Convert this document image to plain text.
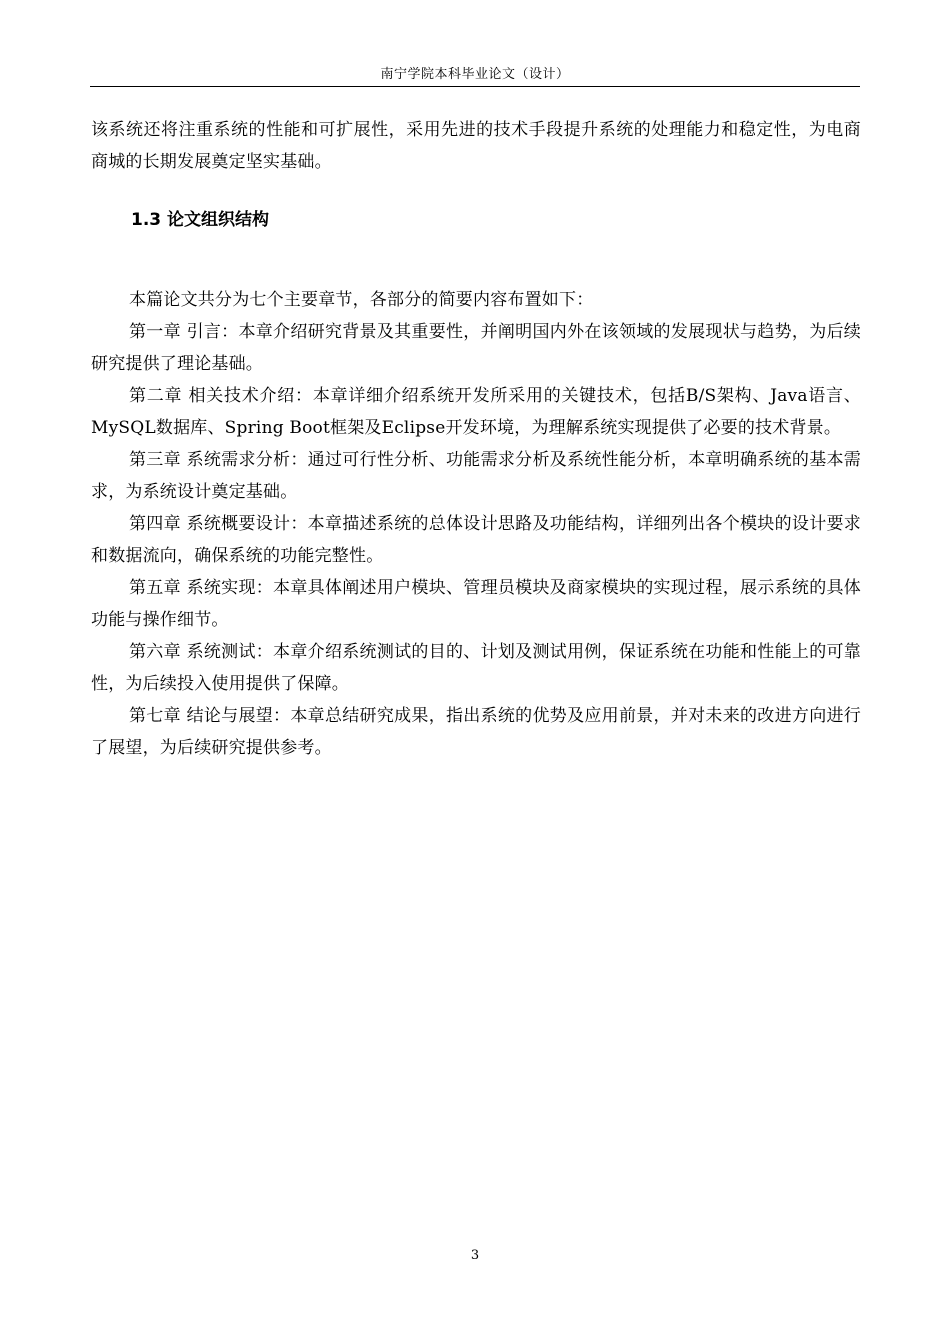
南宁学院本科毕业论文（设计）

该系统还将注重系统的性能和可扩展性，采用先进的技术手段提升系统的处理能力和稳定性，为电商商城的长期发展奠定坚实基础。

1.3 论文组织结构

本篇论文共分为七个主要章节，各部分的简要内容布置如下：

第一章 引言：本章介绍研究背景及其重要性，并阐明国内外在该领域的发展现状与趋势，为后续研究提供了理论基础。

第二章 相关技术介绍：本章详细介绍系统开发所采用的关键技术，包括B/S架构、Java语言、MySQL数据库、Spring Boot框架及Eclipse开发环境，为理解系统实现提供了必要的技术背景。

第三章 系统需求分析：通过可行性分析、功能需求分析及系统性能分析，本章明确系统的基本需求，为系统设计奠定基础。

第四章 系统概要设计：本章描述系统的总体设计思路及功能结构，详细列出各个模块的设计要求和数据流向，确保系统的功能完整性。

第五章 系统实现：本章具体阐述用户模块、管理员模块及商家模块的实现过程，展示系统的具体功能与操作细节。

第六章 系统测试：本章介绍系统测试的目的、计划及测试用例，保证系统在功能和性能上的可靠性，为后续投入使用提供了保障。

第七章 结论与展望：本章总结研究成果，指出系统的优势及应用前景，并对未来的改进方向进行了展望，为后续研究提供参考。

3
